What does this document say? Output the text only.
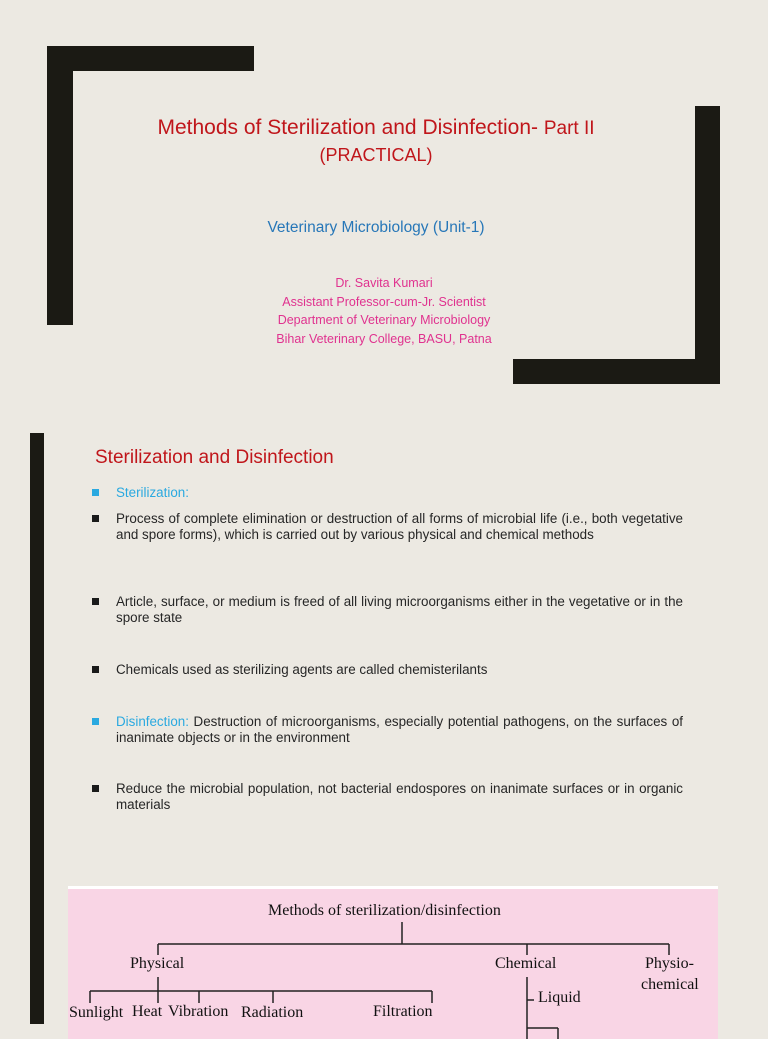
Methods of Sterilization and Disinfection- Part II
(PRACTICAL)
Veterinary Microbiology (Unit-1)
Dr. Savita Kumari
Assistant Professor-cum-Jr. Scientist
Department of Veterinary Microbiology
Bihar Veterinary College, BASU, Patna
Sterilization and Disinfection
Sterilization:
Process of complete elimination or destruction of all forms of microbial life (i.e., both vegetative and spore forms), which is carried out by various physical and chemical methods
Article, surface, or medium is freed of all living microorganisms either in the vegetative or in the spore state
Chemicals used as sterilizing agents are called chemisterilants
Disinfection: Destruction of microorganisms, especially potential pathogens, on the surfaces of inanimate objects or in the environment
Reduce the microbial population, not bacterial endospores on inanimate surfaces or in organic materials
Methods of sterilization/disinfection
Physical	Chemical	Physio-
chemical
Sunlight Heat Vibration Radiation	Filtration
Liquid
